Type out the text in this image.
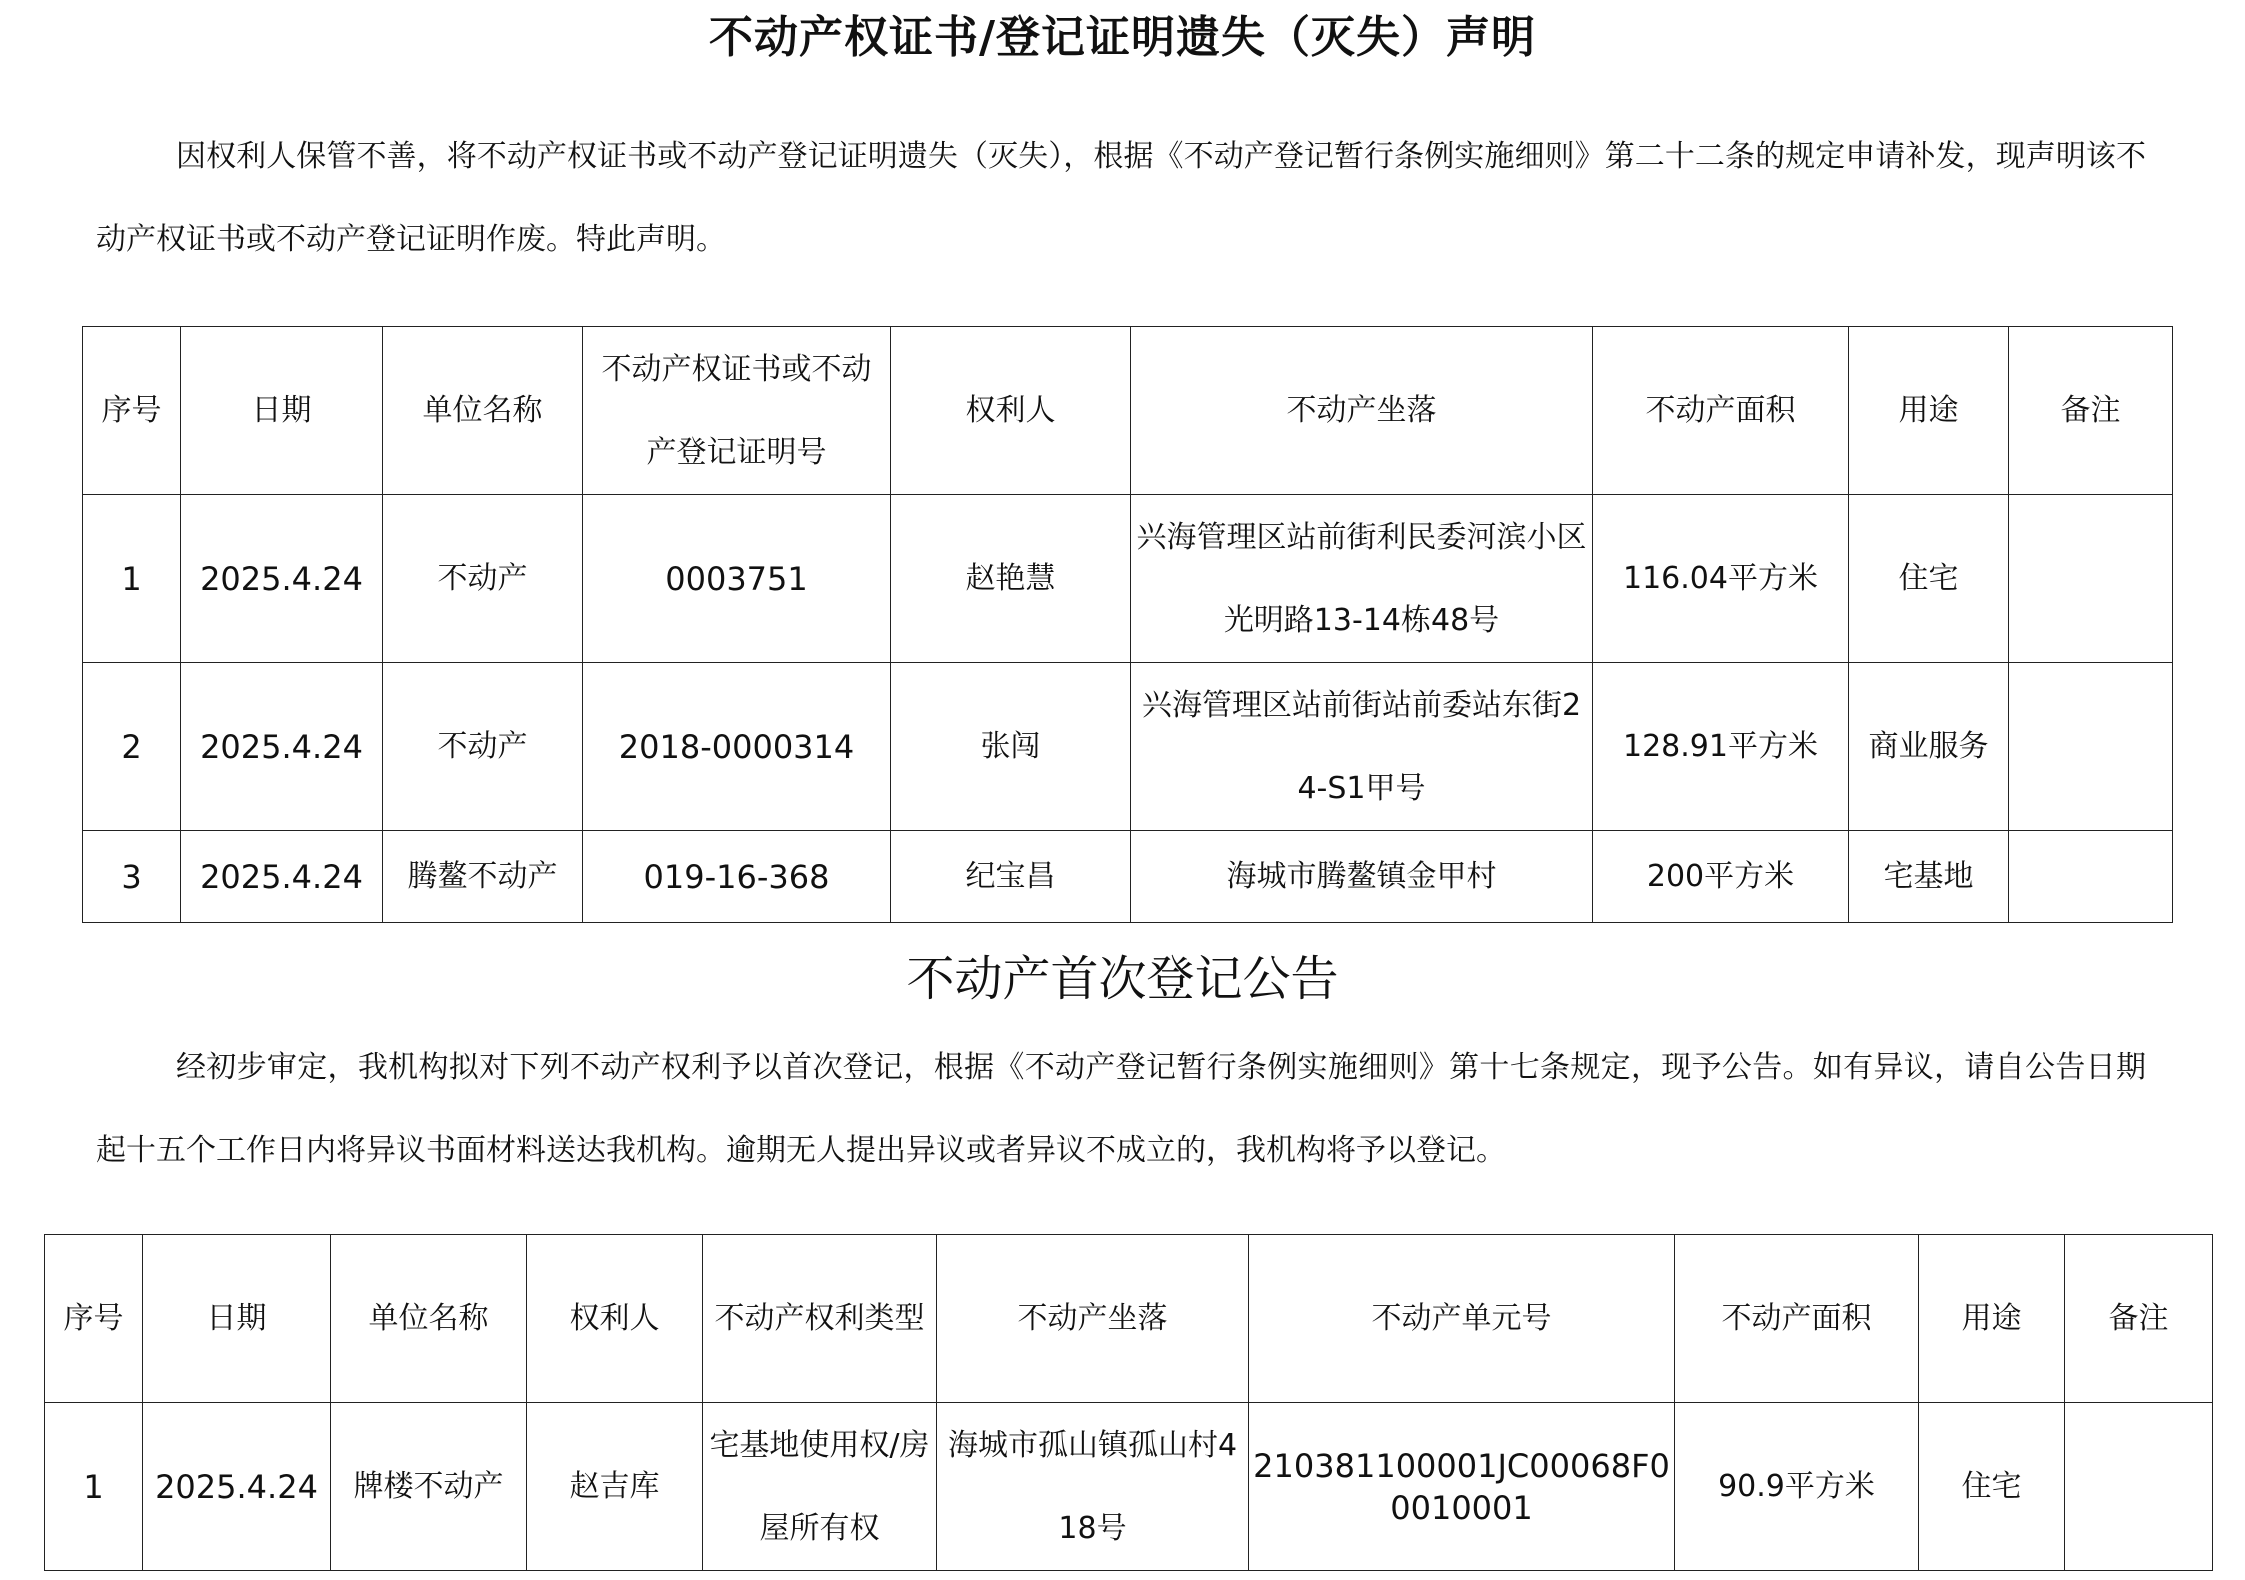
不动产权证书/登记证明遗失（灭失）声明
因权利人保管不善，将不动产权证书或不动产登记证明遗失（灭失），根据《不动产登记暂行条例实施细则》第二十二条的规定申请补发，现声明该不动产权证书或不动产登记证明作废。特此声明。
序号	日期	单位名称	不动产权证书或不动产登记证明号	权利人	不动产坐落	不动产面积	用途	备注
1	2025.4.24	不动产	0003751	赵艳慧	兴海管理区站前街利民委河滨小区光明路13-14栋48号	116.04平方米	住宅	
2	2025.4.24	不动产	2018-0000314	张闯	兴海管理区站前街站前委站东街24-S1甲号	128.91平方米	商业服务	
3	2025.4.24	腾鳌不动产	019-16-368	纪宝昌	海城市腾鳌镇金甲村	200平方米	宅基地	
不动产首次登记公告
经初步审定，我机构拟对下列不动产权利予以首次登记，根据《不动产登记暂行条例实施细则》第十七条规定，现予公告。如有异议，请自公告日期起十五个工作日内将异议书面材料送达我机构。逾期无人提出异议或者异议不成立的，我机构将予以登记。
序号	日期	单位名称	权利人	不动产权利类型	不动产坐落	不动产单元号	不动产面积	用途	备注
1	2025.4.24	牌楼不动产	赵吉库	宅基地使用权/房屋所有权	海城市孤山镇孤山村418号	210381100001JC00068F00010001	90.9平方米	住宅	
